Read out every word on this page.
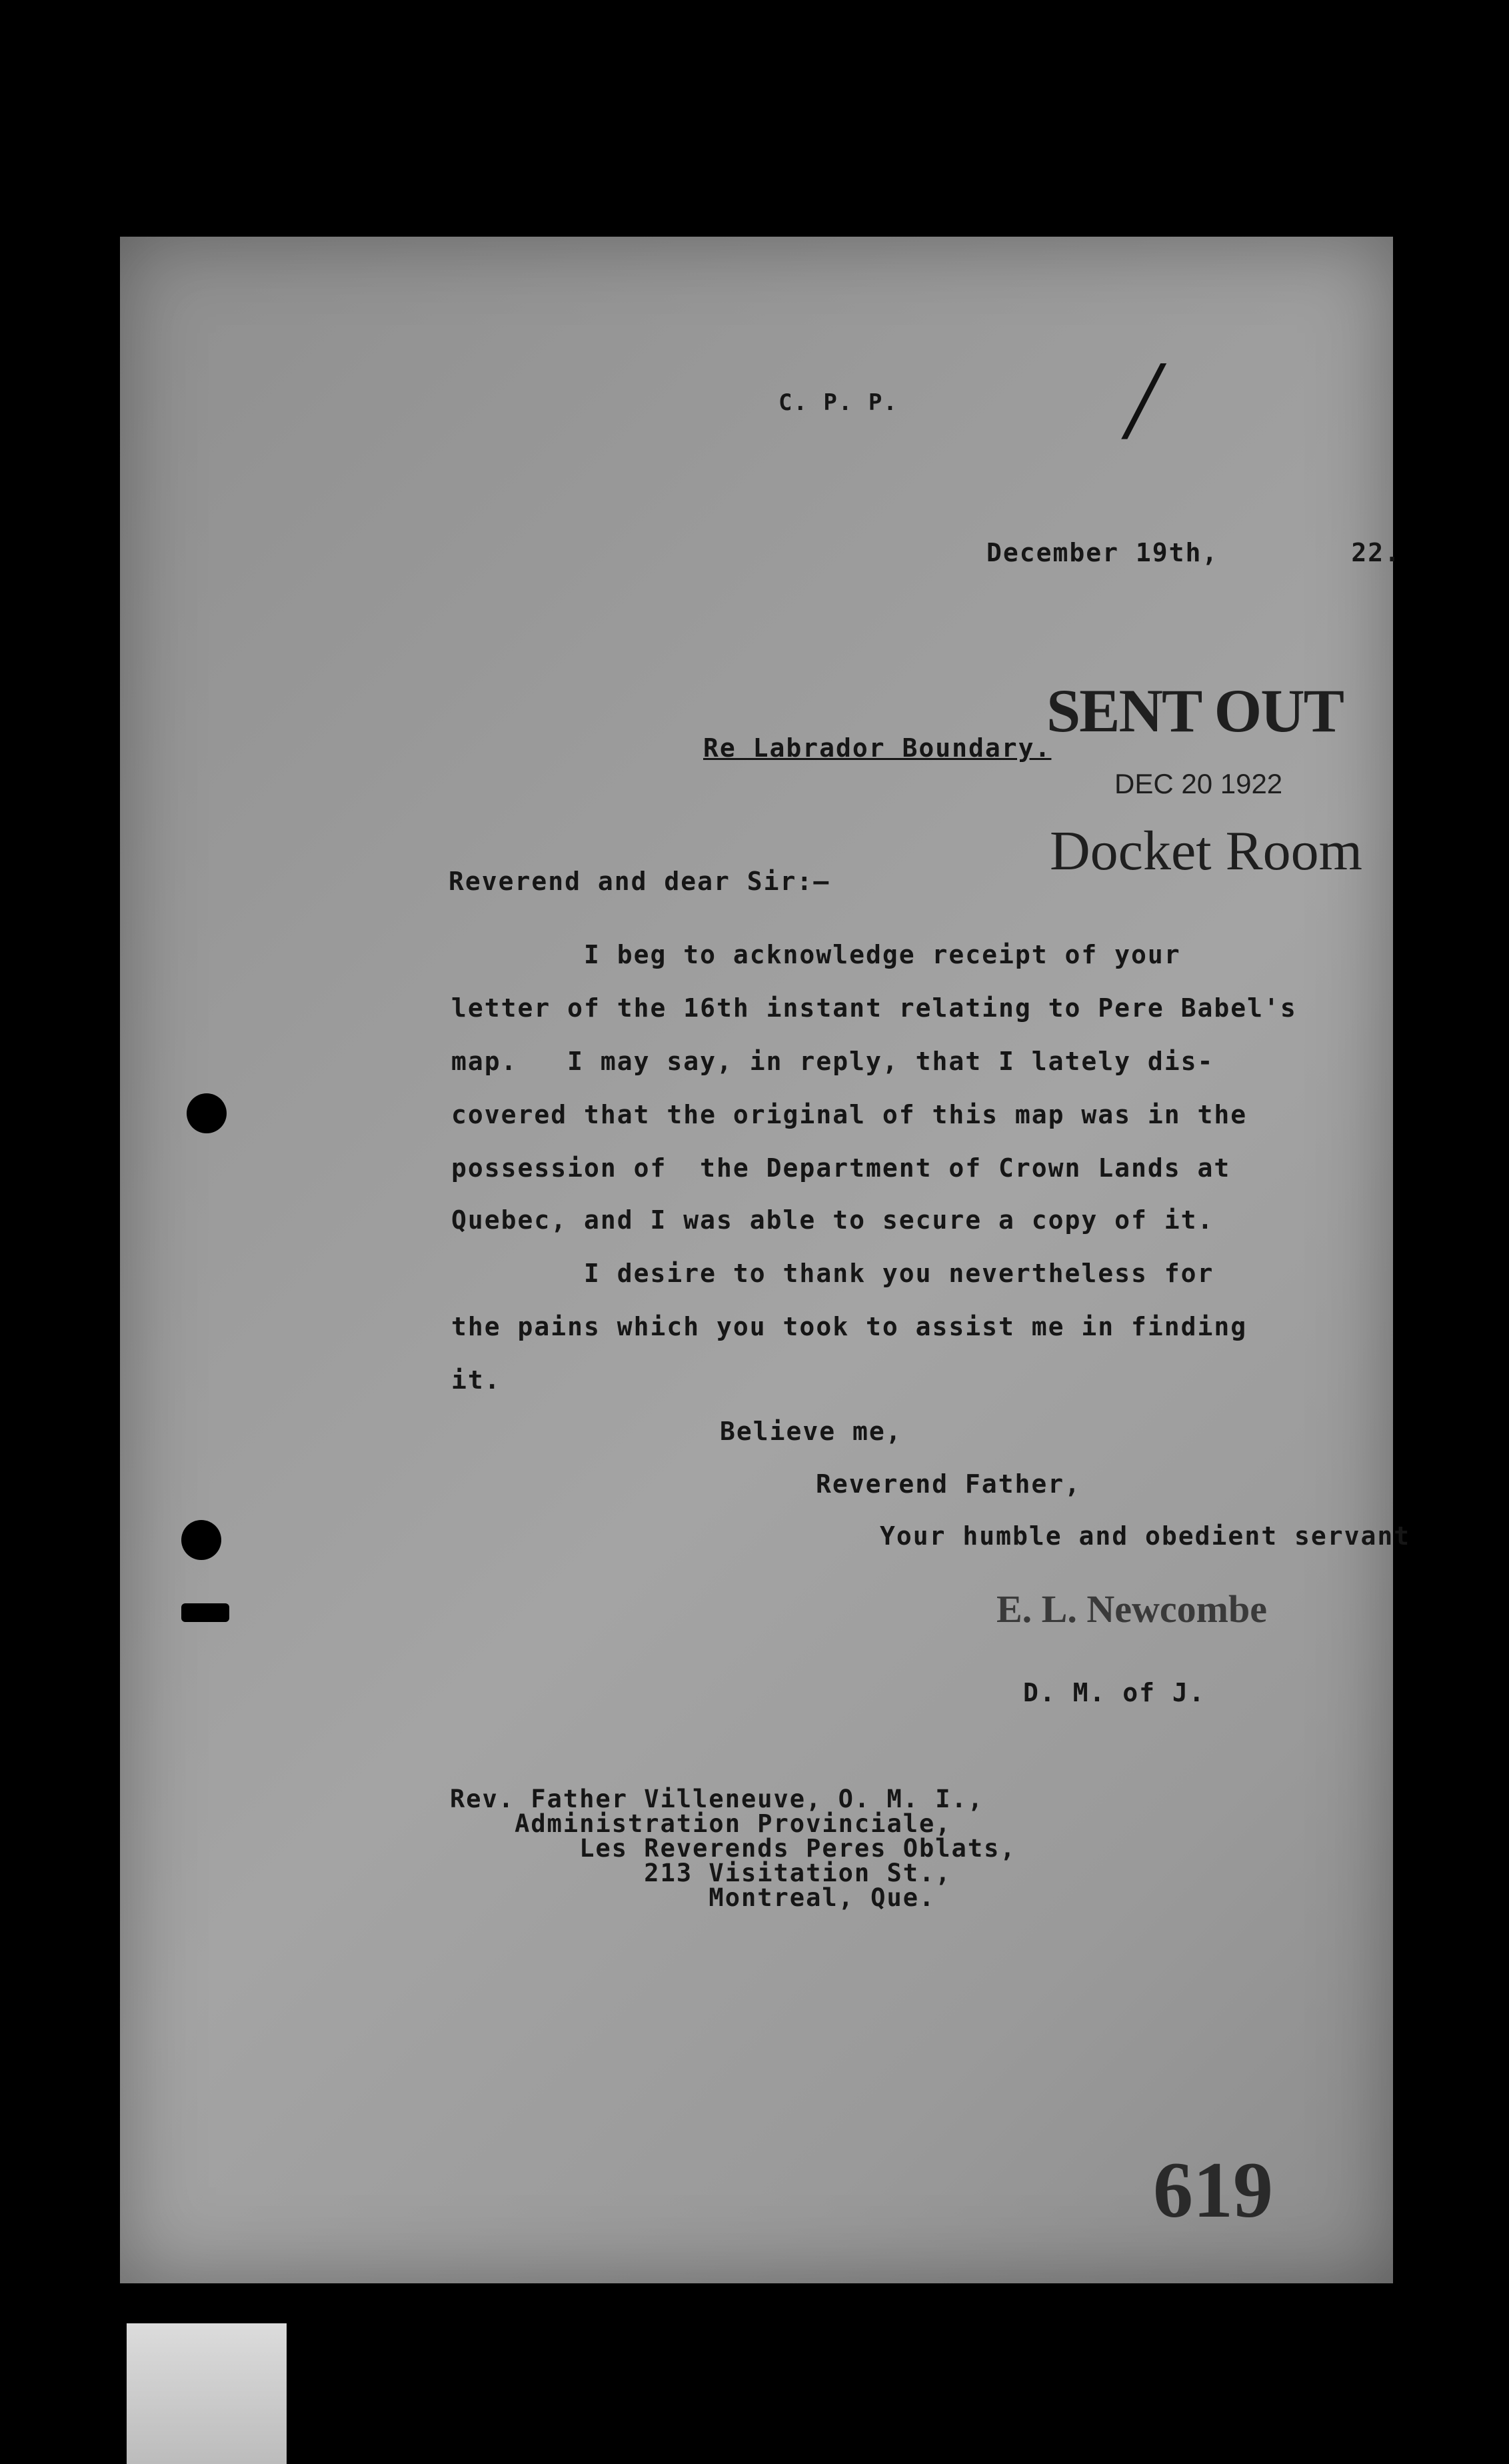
C. P. P. /
December 19th,        22.
Re Labrador Boundary.
SENT OUT
DEC 20 1922
Docket Room
Reverend and dear Sir:—
I beg to acknowledge receipt of your
letter of the 16th instant relating to Pere Babel's
map.   I may say, in reply, that I lately dis-
covered that the original of this map was in the
possession of  the Department of Crown Lands at
Quebec, and I was able to secure a copy of it.
I desire to thank you nevertheless for
the pains which you took to assist me in finding
it.
Believe me,
Reverend Father,
Your humble and obedient servant
E. L. Newcombe
D. M. of J.
Rev. Father Villeneuve, O. M. I.,
Administration Provinciale,
Les Reverends Peres Oblats,
213 Visitation St.,
Montreal, Que.
619
